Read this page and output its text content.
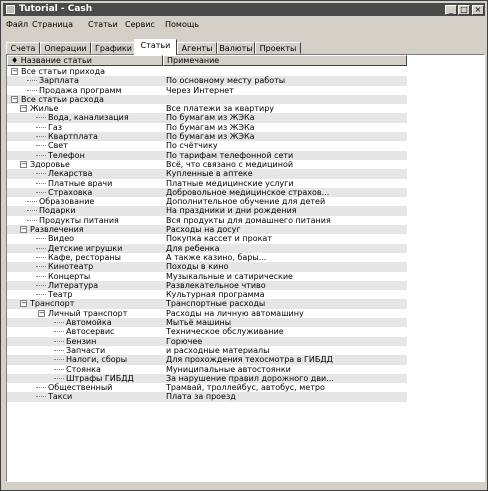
Tutorial - Cash	_ □ ×
Файл Страница Статьи Сервис Помощь
Счета	Операции	Графики	Статьи	Агенты Валюты Проекты
♦ Название статьи	Примечание
− Все статьи прихода
Зарплата	По основному месту работы
Продажа программ	Через Интернет
− Все статьи расхода
− Жилье	Все платежи за квартиру
Вода, канализация	По бумагам из ЖЭКа
Газ	По бумагам из ЖЭКа
Квартплата	По бумагам из ЖЭКа
Свет	По счётчику
Телефон	По тарифам телефонной сети
− Здоровье	Всё, что связано с медициной
Лекарства	Купленные в аптеке
Платные врачи	Платные медицинские услуги
Страховка	Добровольное медицинское страхов...
Образование	Дополнительное обучение для детей
Подарки	На праздники и дни рождения
Продукты питания	Вся продукты для домашнего питания
− Развлечения	Расходы на досуг
Видео	Покупка кассет и прокат
Детские игрушки	Для ребенка
Кафе, рестораны	А также казино, бары...
Кинотеатр	Походы в кино
Концерты	Музыкальные и сатирические
Литература	Развлекательное чтиво
Театр	Культурная программа
− Транспорт	Транспортные расходы
− Личный транспорт	Расходы на личную автомашину
Автомойка	Мытьё машины
Автосервис	Техническое обслуживание
Бензин	Горючее
Запчасти	и расходные материалы
Налоги, сборы	Для прохождения техосмотра в ГИБДД
Стоянка	Муниципальные автостоянки
Штрафы ГИБДД	За нарушение правил дорожного дви...
Общественный	Трамвай, троллейбус, автобус, метро
Такси	Плата за проезд
